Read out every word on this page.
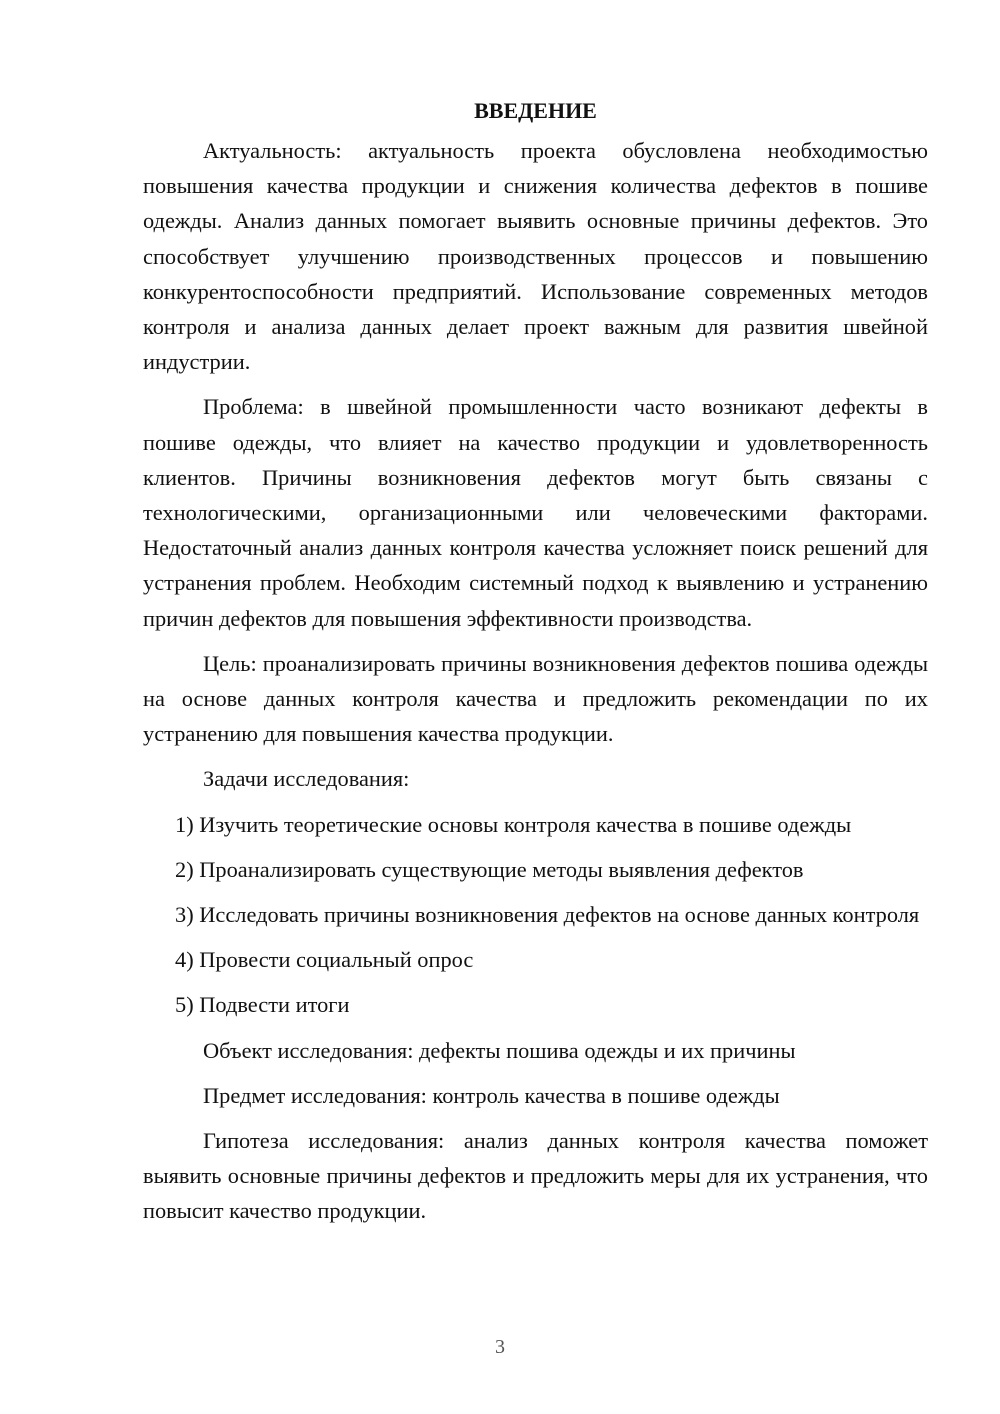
ВВЕДЕНИЕ

Актуальность: актуальность проекта обусловлена необходимостью повышения качества продукции и снижения количества дефектов в пошиве одежды. Анализ данных помогает выявить основные причины дефектов. Это способствует улучшению производственных процессов и повышению конкурентоспособности предприятий. Использование современных методов контроля и анализа данных делает проект важным для развития швейной индустрии.

Проблема: в швейной промышленности часто возникают дефекты в пошиве одежды, что влияет на качество продукции и удовлетворенность клиентов. Причины возникновения дефектов могут быть связаны с технологическими, организационными или человеческими факторами. Недостаточный анализ данных контроля качества усложняет поиск решений для устранения проблем. Необходим системный подход к выявлению и устранению причин дефектов для повышения эффективности производства.

Цель: проанализировать причины возникновения дефектов пошива одежды на основе данных контроля качества и предложить рекомендации по их устранению для повышения качества продукции.

Задачи исследования:

1) Изучить теоретические основы контроля качества в пошиве одежды

2) Проанализировать существующие методы выявления дефектов

3) Исследовать причины возникновения дефектов на основе данных контроля

4) Провести социальный опрос

5) Подвести итоги

Объект исследования: дефекты пошива одежды и их причины

Предмет исследования: контроль качества в пошиве одежды

Гипотеза исследования: анализ данных контроля качества поможет выявить основные причины дефектов и предложить меры для их устранения, что повысит качество продукции.

3
